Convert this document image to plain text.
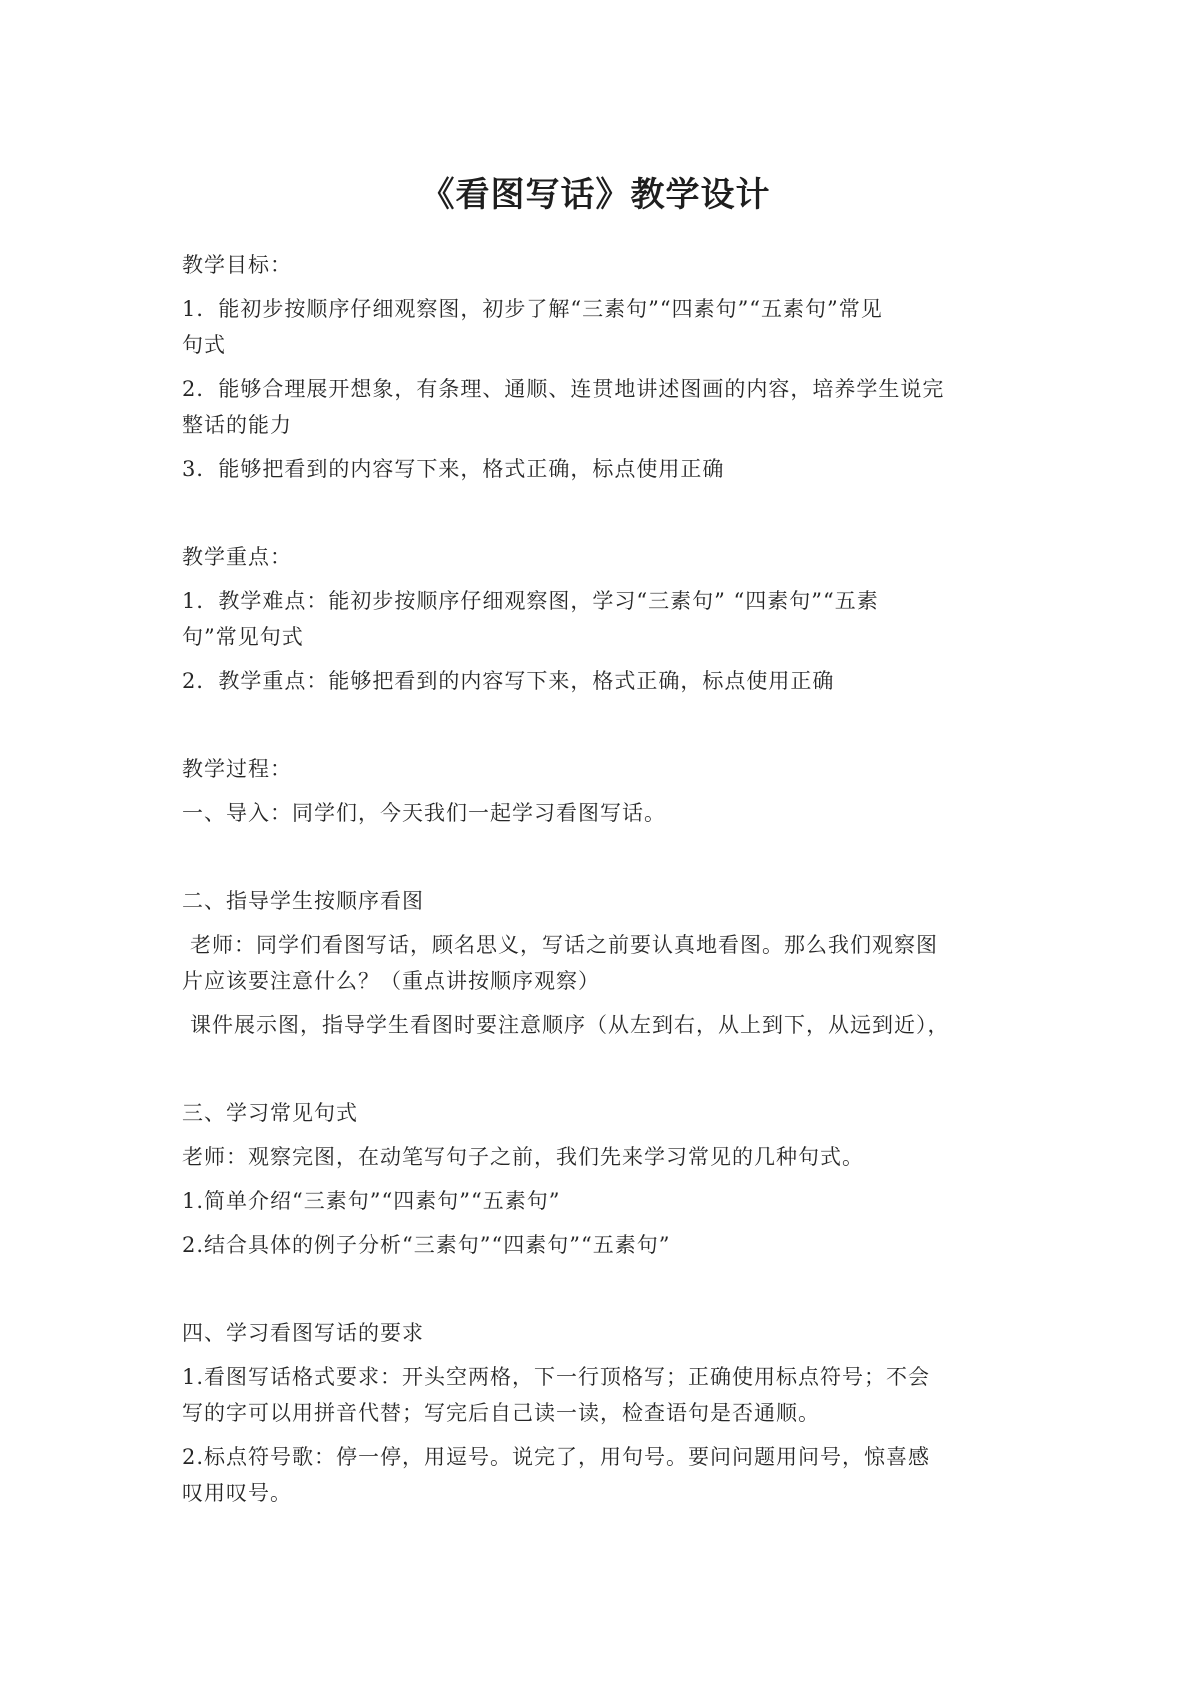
《看图写话》教学设计
教学目标：
1．能初步按顺序仔细观察图，初步了解“三素句”“四素句”“五素句”常见
句式
2．能够合理展开想象，有条理、通顺、连贯地讲述图画的内容，培养学生说完
整话的能力
3．能够把看到的内容写下来，格式正确，标点使用正确
教学重点：
1．教学难点：能初步按顺序仔细观察图，学习“三素句” “四素句”“五素
句”常见句式
2．教学重点：能够把看到的内容写下来，格式正确，标点使用正确
教学过程：
一、导入：同学们，今天我们一起学习看图写话。
二、指导学生按顺序看图
老师：同学们看图写话，顾名思义，写话之前要认真地看图。那么我们观察图
片应该要注意什么？（重点讲按顺序观察）
课件展示图，指导学生看图时要注意顺序（从左到右，从上到下，从远到近），
三、学习常见句式
老师：观察完图，在动笔写句子之前，我们先来学习常见的几种句式。
1.简单介绍“三素句”“四素句”“五素句”
2.结合具体的例子分析“三素句”“四素句”“五素句”
四、学习看图写话的要求
1.看图写话格式要求：开头空两格，下一行顶格写；正确使用标点符号；不会
写的字可以用拼音代替；写完后自己读一读，检查语句是否通顺。
2.标点符号歌：停一停，用逗号。说完了，用句号。要问问题用问号，惊喜感
叹用叹号。
